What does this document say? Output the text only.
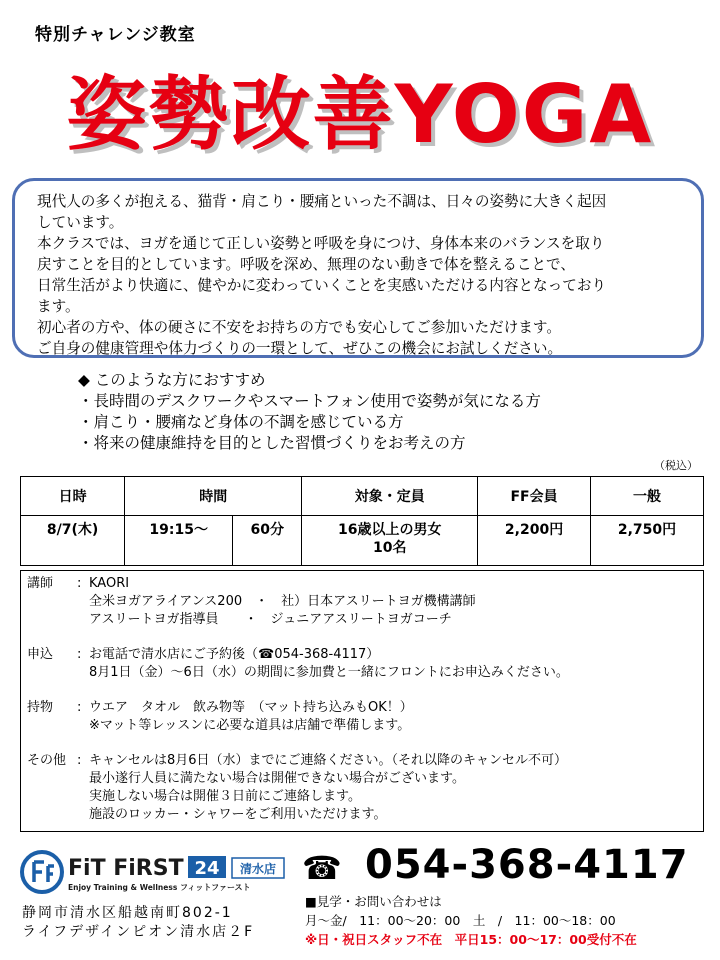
特別チャレンジ教室
姿勢改善YOGA

現代人の多くが抱える、猫背・肩こり・腰痛といった不調は、日々の姿勢に大きく起因

しています。

本クラスでは、ヨガを通じて正しい姿勢と呼吸を身につけ、身体本来のバランスを取り

戻すことを目的としています。呼吸を深め、無理のない動きで体を整えることで、

日常生活がより快適に、健やかに変わっていくことを実感いただける内容となっており

ます。

初心者の方や、体の硬さに不安をお持ちの方でも安心してご参加いただけます。

ご自身の健康管理や体力づくりの一環として、ぜひこの機会にお試しください。

◆ このような方におすすめ
・長時間のデスクワークやスマートフォン使用で姿勢が気になる方
・肩こり・腰痛など身体の不調を感じている方
・将来の健康維持を目的とした習慣づくりをお考えの方
（税込）
日時	時間		対象・定員	FF会員	一般
8/7(木)	19:15～	60分	16歳以上の男女
10名	2,200円	2,750円
講師	: KAORI
全米ヨガアライアンス200　・　社）日本アスリートヨガ機構講師
アスリートヨガ指導員　　・　ジュニアアスリートヨガコーチ
申込	: お電話で清水店にご予約後（☎054-368-4117）
8月1日（金）～6日（水）の期間に参加費と一緒にフロントにお申込みください。
持物	: ウエア　タオル　飲み物等　（マット持ち込みもOK！）
※マット等レッスンに必要な道具は店舗で準備します。
その他 : キャンセルは8月6日（水）までにご連絡ください。（それ以降のキャンセル不可）
最小遂行人員に満たない場合は開催できない場合がございます。
実施しない場合は開催３日前にご連絡します。
施設のロッカー・シャワーをご利用いただけます。
FiT FiRST 24 清水店
Enjoy Training & Wellness フィットファースト
静岡市清水区船越南町802-1
ライフデザインピオン清水店２F
☎ 054-368-4117
■見学・お問い合わせは
月～金/　11：00～20：00　土　/　11：00～18：00
※日・祝日スタッフ不在　平日15：00～17：00受付不在
